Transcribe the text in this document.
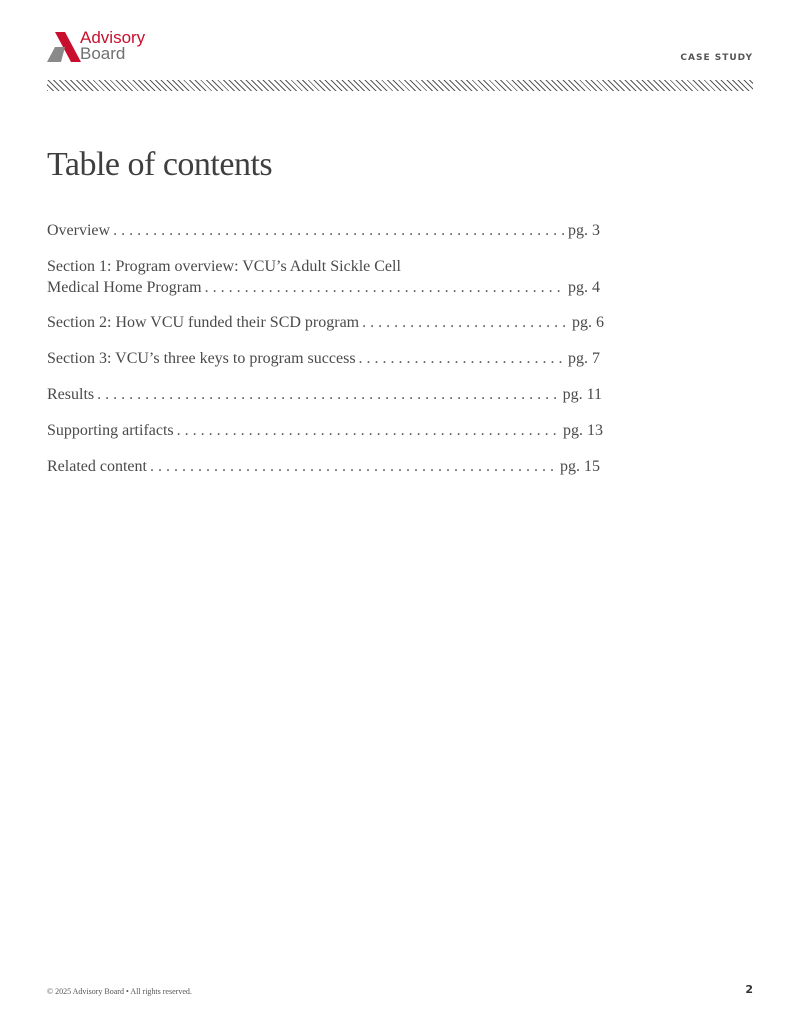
Advisory
Board	CASE STUDY
Table of contents
Overview . . .	pg. 3
Section 1: Program overview: VCU’s Adult Sickle Cell
Medical Home Program . . .	pg. 4
Section 2: How VCU funded their SCD program . . .	pg. 6
Section 3: VCU’s three keys to program success . . .	pg. 7
Results . . .	pg. 11
Supporting artifacts . . .	pg. 13
Related content . . .	pg. 15
© 2025 Advisory Board • All rights reserved.	2
